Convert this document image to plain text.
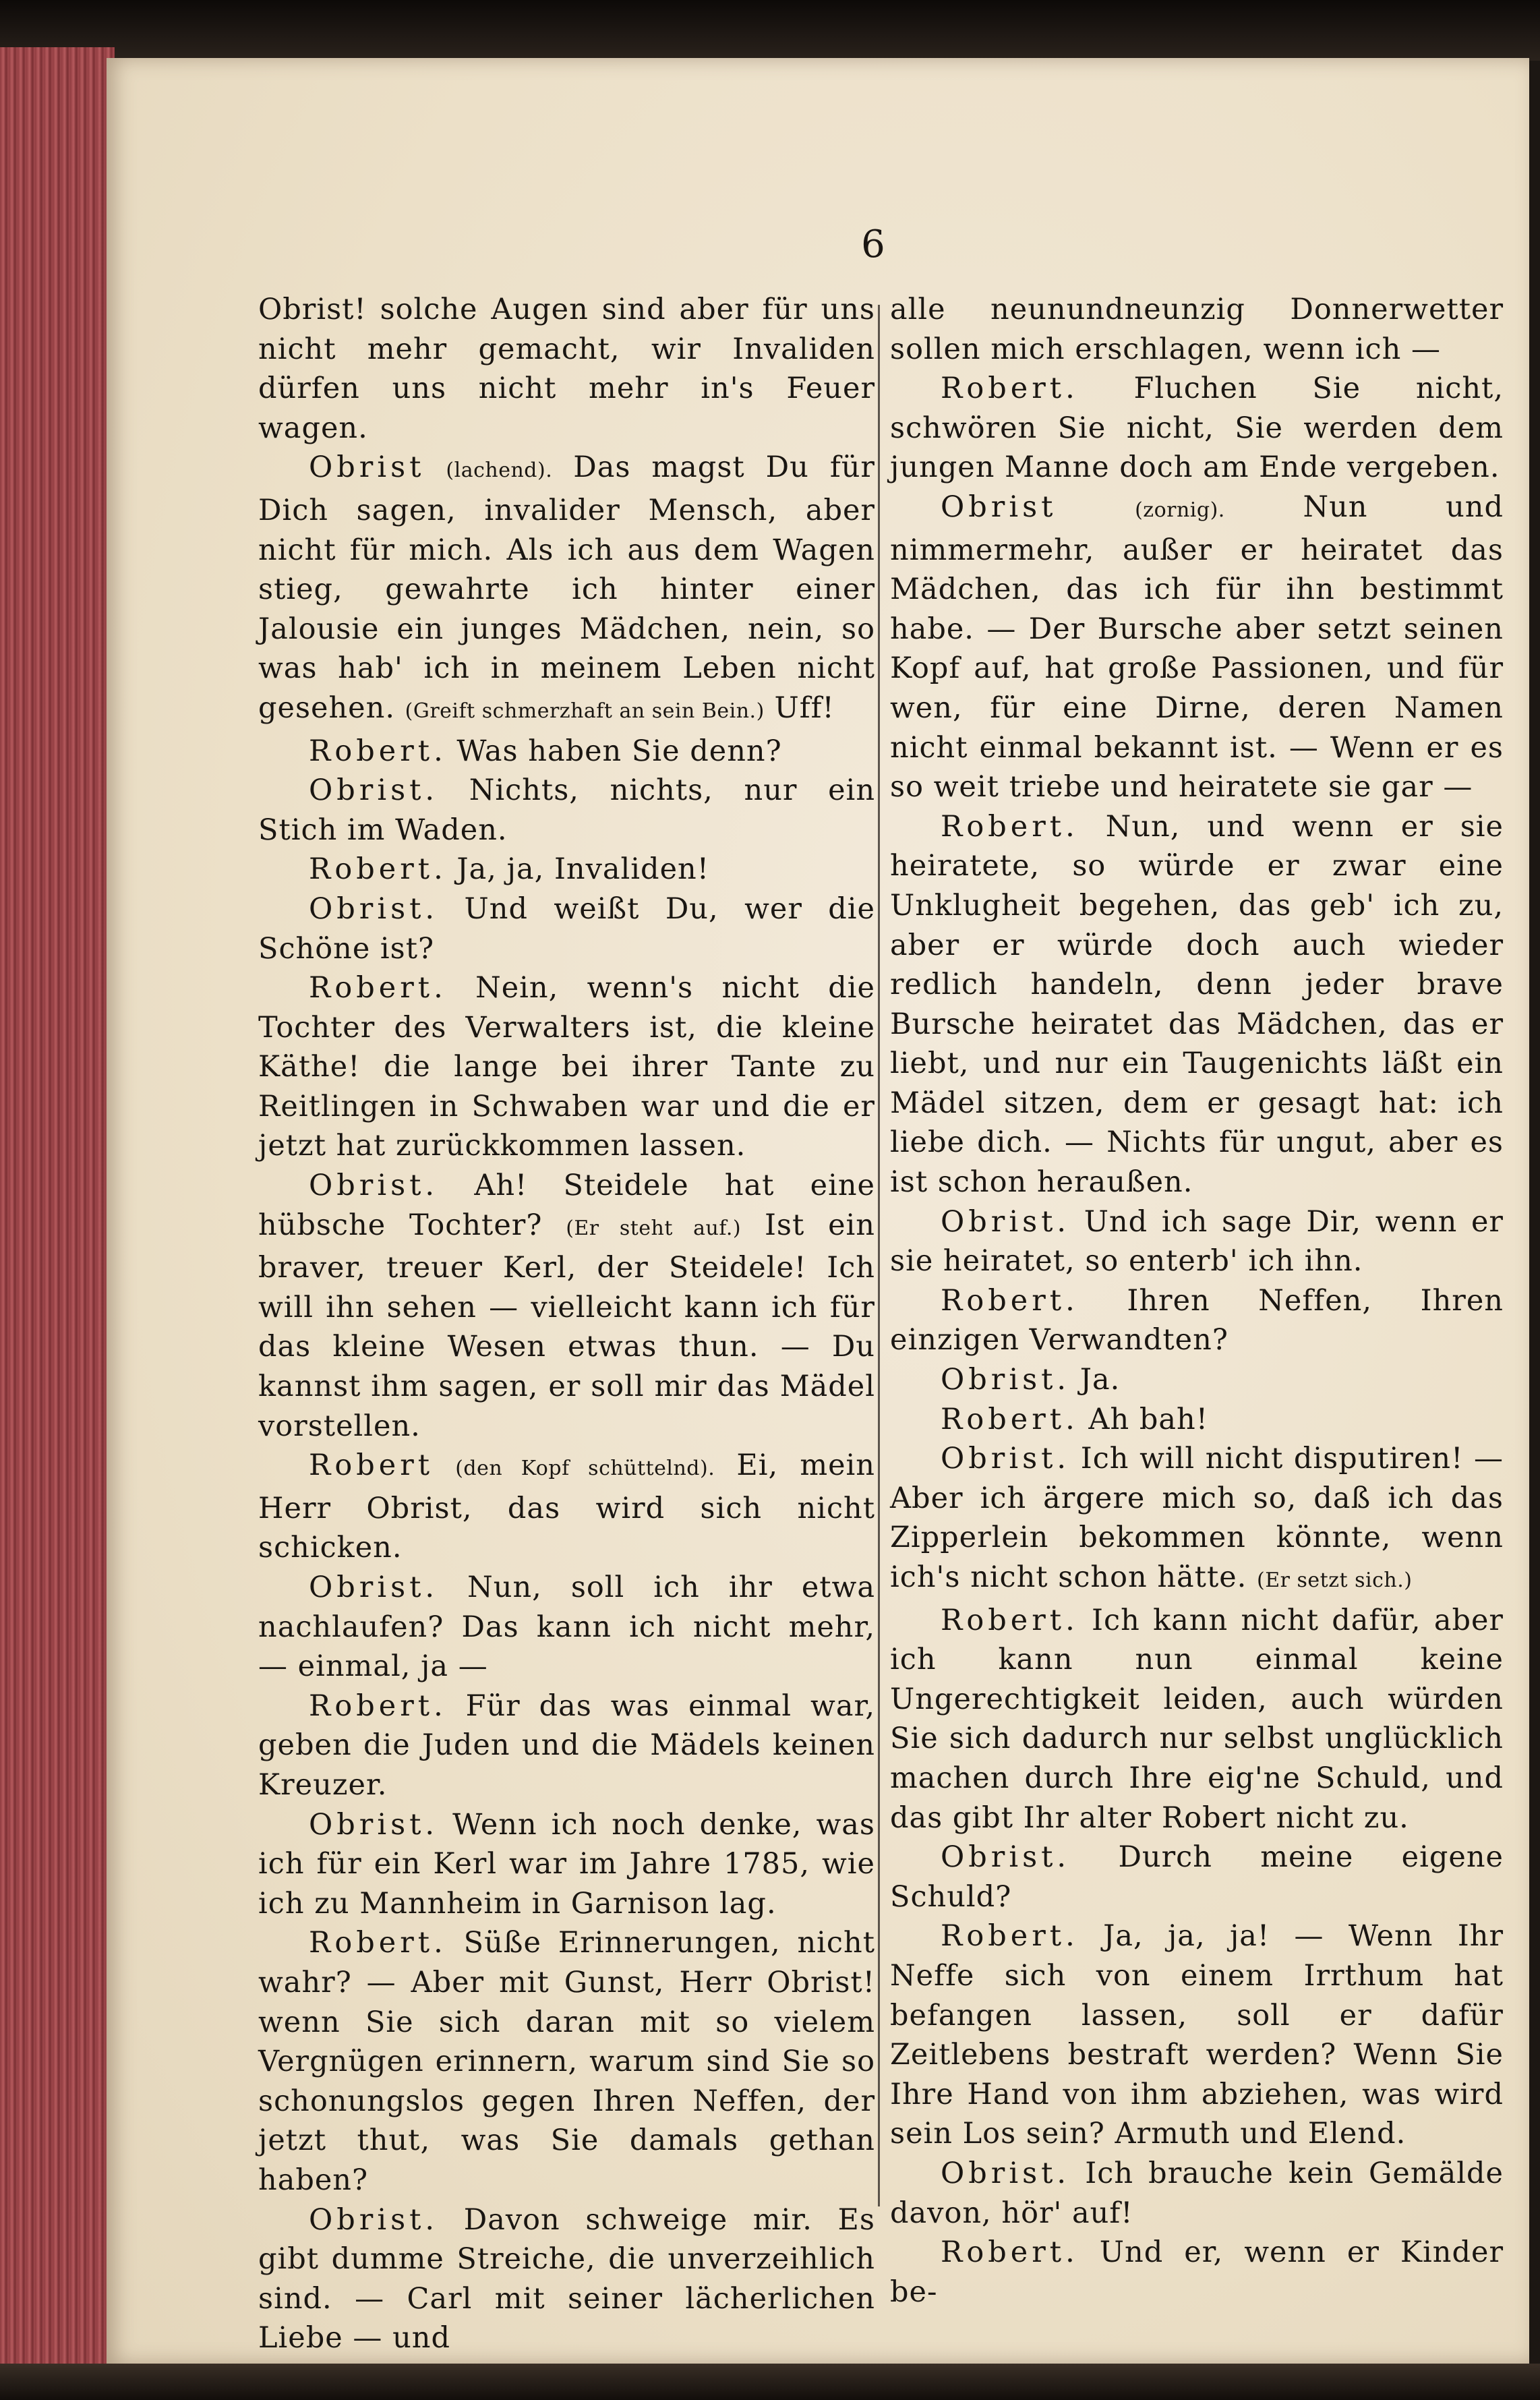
6

Obrist! solche Augen sind aber für uns nicht mehr gemacht, wir Invaliden dürfen uns nicht mehr in's Feuer wagen.

Obrist (lachend). Das magst Du für Dich sagen, invalider Mensch, aber nicht für mich. Als ich aus dem Wagen stieg, gewahrte ich hinter einer Jalousie ein junges Mädchen, nein, so was hab' ich in meinem Leben nicht gesehen. (Greift schmerzhaft an sein Bein.) Uff!

Robert. Was haben Sie denn?

Obrist. Nichts, nichts, nur ein Stich im Waden.

Robert. Ja, ja, Invaliden!

Obrist. Und weißt Du, wer die Schöne ist?

Robert. Nein, wenn's nicht die Tochter des Verwalters ist, die kleine Käthe! die lange bei ihrer Tante zu Reitlingen in Schwaben war und die er jetzt hat zurückkommen lassen.

Obrist. Ah! Steidele hat eine hübsche Tochter? (Er steht auf.) Ist ein braver, treuer Kerl, der Steidele! Ich will ihn sehen — vielleicht kann ich für das kleine Wesen etwas thun. — Du kannst ihm sagen, er soll mir das Mädel vorstellen.

Robert (den Kopf schüttelnd). Ei, mein Herr Obrist, das wird sich nicht schicken.

Obrist. Nun, soll ich ihr etwa nachlaufen? Das kann ich nicht mehr, — einmal, ja —

Robert. Für das was einmal war, geben die Juden und die Mädels keinen Kreuzer.

Obrist. Wenn ich noch denke, was ich für ein Kerl war im Jahre 1785, wie ich zu Mannheim in Garnison lag.

Robert. Süße Erinnerungen, nicht wahr? — Aber mit Gunst, Herr Obrist! wenn Sie sich daran mit so vielem Vergnügen erinnern, warum sind Sie so schonungslos gegen Ihren Neffen, der jetzt thut, was Sie damals gethan haben?

Obrist. Davon schweige mir. Es gibt dumme Streiche, die unverzeihlich sind. — Carl mit seiner lächerlichen Liebe — und

alle neunundneunzig Donnerwetter sollen mich erschlagen, wenn ich —

Robert. Fluchen Sie nicht, schwören Sie nicht, Sie werden dem jungen Manne doch am Ende vergeben.

Obrist	(zornig).	Nun und nimmermehr, außer er heiratet das Mädchen, das ich für ihn bestimmt habe. — Der Bursche aber setzt seinen Kopf auf, hat große Passionen, und für wen, für eine Dirne, deren Namen nicht einmal bekannt ist. — Wenn er es so weit triebe und heiratete sie gar —

Robert. Nun, und wenn er sie heiratete, so würde er zwar eine Unklugheit begehen, das geb' ich zu, aber er würde doch auch wieder redlich handeln, denn jeder brave Bursche heiratet das Mädchen, das er liebt, und nur ein Taugenichts läßt ein Mädel sitzen, dem er gesagt hat: ich liebe dich. — Nichts für ungut, aber es ist schon heraußen.

Obrist. Und ich sage Dir, wenn er sie heiratet, so enterb' ich ihn.

Robert. Ihren Neffen, Ihren einzigen Verwandten?

Obrist. Ja.

Robert. Ah bah!

Obrist. Ich will nicht disputiren! — Aber ich ärgere mich so, daß ich das Zipperlein bekommen könnte, wenn ich's nicht schon hätte. (Er setzt sich.)

Robert. Ich kann nicht dafür, aber ich kann nun einmal keine Ungerechtigkeit leiden, auch würden Sie sich dadurch nur selbst unglücklich machen durch Ihre eig'ne Schuld, und das gibt Ihr alter Robert nicht zu.

Obrist. Durch meine eigene Schuld?

Robert. Ja, ja, ja! — Wenn Ihr Neffe sich von einem Irrthum hat befangen lassen, soll er dafür Zeitlebens bestraft werden? Wenn Sie Ihre Hand von ihm abziehen, was wird sein Los sein? Armuth und Elend.

Obrist. Ich brauche kein Gemälde davon, hör' auf!

Robert. Und er, wenn er Kinder be-
